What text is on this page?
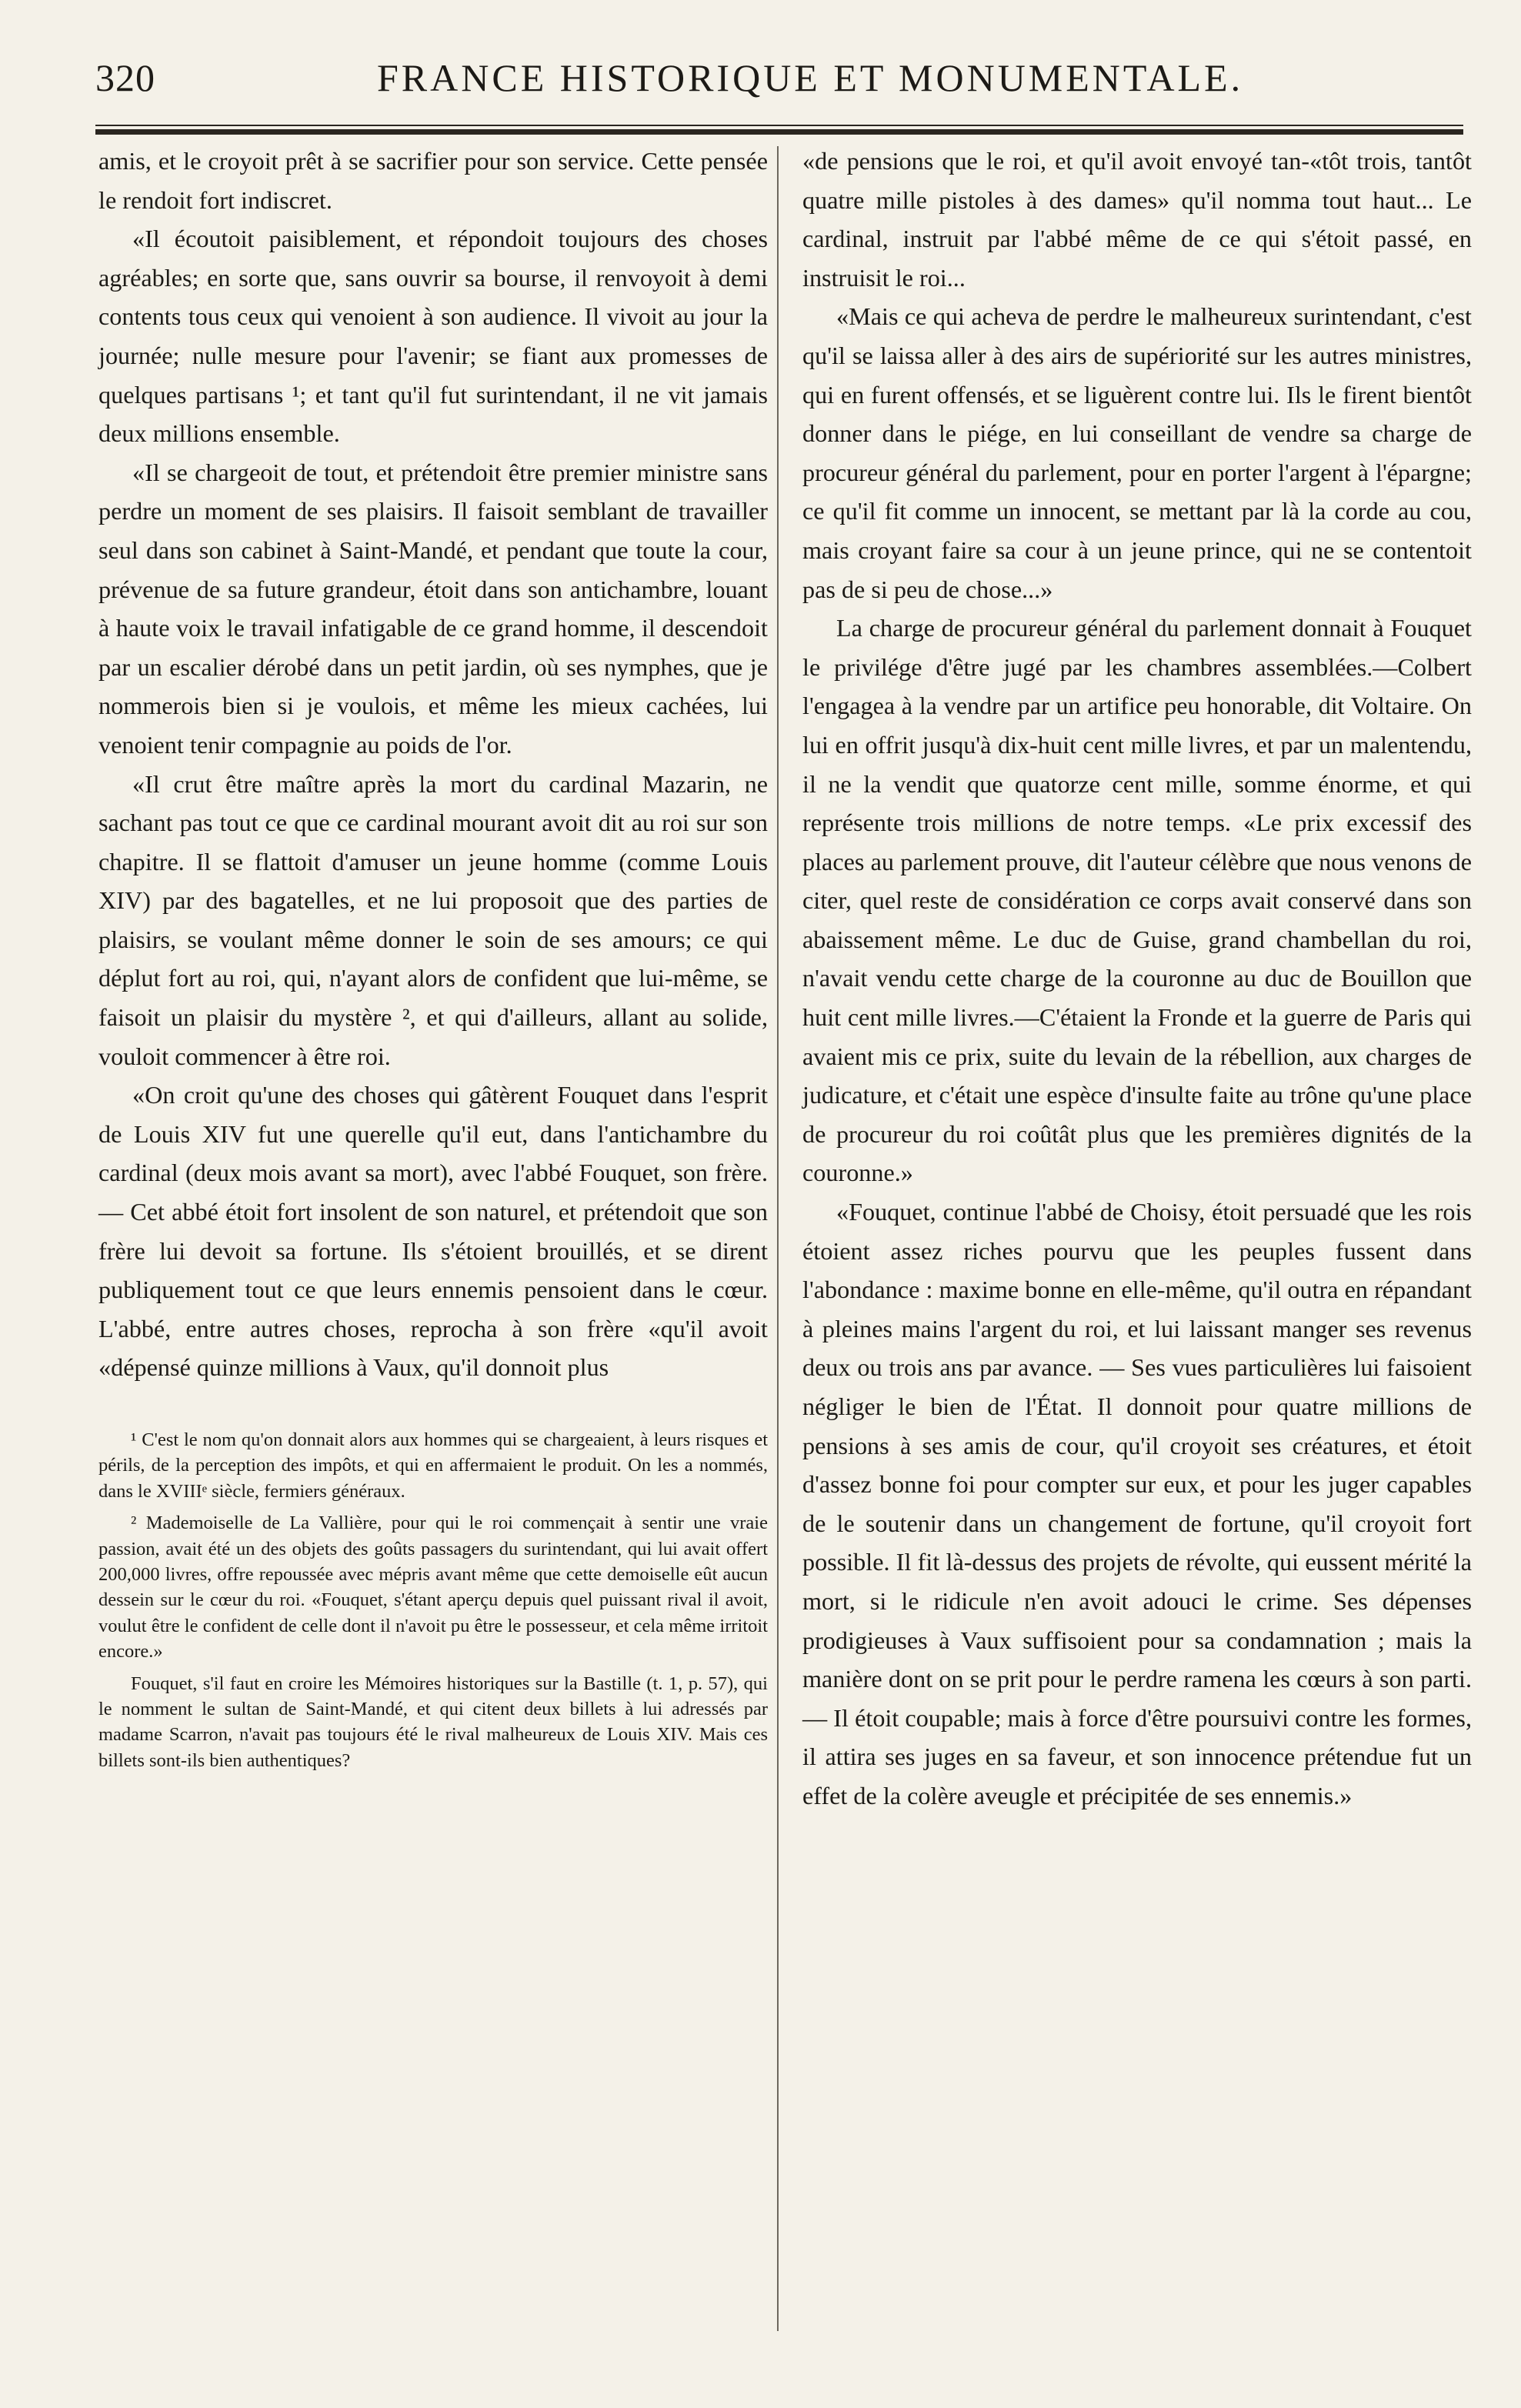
320	FRANCE HISTORIQUE ET MONUMENTALE.

amis, et le croyoit prêt à se sacrifier pour son service. Cette pensée le rendoit fort indiscret.

«Il écoutoit paisiblement, et répondoit toujours des choses agréables; en sorte que, sans ouvrir sa bourse, il renvoyoit à demi contents tous ceux qui venoient à son audience. Il vivoit au jour la journée; nulle mesure pour l'avenir; se fiant aux promesses de quelques partisans ¹; et tant qu'il fut surintendant, il ne vit jamais deux millions ensemble.

«Il se chargeoit de tout, et prétendoit être premier ministre sans perdre un moment de ses plaisirs. Il faisoit semblant de travailler seul dans son cabinet à Saint-Mandé, et pendant que toute la cour, prévenue de sa future grandeur, étoit dans son antichambre, louant à haute voix le travail infatigable de ce grand homme, il descendoit par un escalier dérobé dans un petit jardin, où ses nymphes, que je nommerois bien si je voulois, et même les mieux cachées, lui venoient tenir compagnie au poids de l'or.

«Il crut être maître après la mort du cardinal Mazarin, ne sachant pas tout ce que ce cardinal mourant avoit dit au roi sur son chapitre. Il se flattoit d'amuser un jeune homme (comme Louis XIV) par des bagatelles, et ne lui proposoit que des parties de plaisirs, se voulant même donner le soin de ses amours; ce qui déplut fort au roi, qui, n'ayant alors de confident que lui-même, se faisoit un plaisir du mystère ², et qui d'ailleurs, allant au solide, vouloit commencer à être roi.

«On croit qu'une des choses qui gâtèrent Fouquet dans l'esprit de Louis XIV fut une querelle qu'il eut, dans l'antichambre du cardinal (deux mois avant sa mort), avec l'abbé Fouquet, son frère. — Cet abbé étoit fort insolent de son naturel, et prétendoit que son frère lui devoit sa fortune. Ils s'étoient brouillés, et se dirent publiquement tout ce que leurs ennemis pensoient dans le cœur. L'abbé, entre autres choses, reprocha à son frère «qu'il avoit «dépensé quinze millions à Vaux, qu'il donnoit plus

¹ C'est le nom qu'on donnait alors aux hommes qui se chargeaient, à leurs risques et périls, de la perception des impôts, et qui en affermaient le produit. On les a nommés, dans le XVIIIᵉ siècle, fermiers généraux.

² Mademoiselle de La Vallière, pour qui le roi commençait à sentir une vraie passion, avait été un des objets des goûts passagers du surintendant, qui lui avait offert 200,000 livres, offre repoussée avec mépris avant même que cette demoiselle eût aucun dessein sur le cœur du roi. «Fouquet, s'étant aperçu depuis quel puissant rival il avoit, voulut être le confident de celle dont il n'avoit pu être le possesseur, et cela même irritoit encore.»

Fouquet, s'il faut en croire les Mémoires historiques sur la Bastille (t. 1, p. 57), qui le nomment le sultan de Saint-Mandé, et qui citent deux billets à lui adressés par madame Scarron, n'avait pas toujours été le rival malheureux de Louis XIV. Mais ces billets sont-ils bien authentiques?

«de pensions que le roi, et qu'il avoit envoyé tan-«tôt trois, tantôt quatre mille pistoles à des dames» qu'il nomma tout haut... Le cardinal, instruit par l'abbé même de ce qui s'étoit passé, en instruisit le roi...

«Mais ce qui acheva de perdre le malheureux surintendant, c'est qu'il se laissa aller à des airs de supériorité sur les autres ministres, qui en furent offensés, et se liguèrent contre lui. Ils le firent bientôt donner dans le piége, en lui conseillant de vendre sa charge de procureur général du parlement, pour en porter l'argent à l'épargne; ce qu'il fit comme un innocent, se mettant par là la corde au cou, mais croyant faire sa cour à un jeune prince, qui ne se contentoit pas de si peu de chose...»

La charge de procureur général du parlement donnait à Fouquet le privilége d'être jugé par les chambres assemblées.—Colbert l'engagea à la vendre par un artifice peu honorable, dit Voltaire. On lui en offrit jusqu'à dix-huit cent mille livres, et par un malentendu, il ne la vendit que quatorze cent mille, somme énorme, et qui représente trois millions de notre temps. «Le prix excessif des places au parlement prouve, dit l'auteur célèbre que nous venons de citer, quel reste de considération ce corps avait conservé dans son abaissement même. Le duc de Guise, grand chambellan du roi, n'avait vendu cette charge de la couronne au duc de Bouillon que huit cent mille livres.—C'étaient la Fronde et la guerre de Paris qui avaient mis ce prix, suite du levain de la rébellion, aux charges de judicature, et c'était une espèce d'insulte faite au trône qu'une place de procureur du roi coûtât plus que les premières dignités de la couronne.»

«Fouquet, continue l'abbé de Choisy, étoit persuadé que les rois étoient assez riches pourvu que les peuples fussent dans l'abondance : maxime bonne en elle-même, qu'il outra en répandant à pleines mains l'argent du roi, et lui laissant manger ses revenus deux ou trois ans par avance. — Ses vues particulières lui faisoient négliger le bien de l'État. Il donnoit pour quatre millions de pensions à ses amis de cour, qu'il croyoit ses créatures, et étoit d'assez bonne foi pour compter sur eux, et pour les juger capables de le soutenir dans un changement de fortune, qu'il croyoit fort possible. Il fit là-dessus des projets de révolte, qui eussent mérité la mort, si le ridicule n'en avoit adouci le crime. Ses dépenses prodigieuses à Vaux suffisoient pour sa condamnation ; mais la manière dont on se prit pour le perdre ramena les cœurs à son parti. — Il étoit coupable; mais à force d'être poursuivi contre les formes, il attira ses juges en sa faveur, et son innocence prétendue fut un effet de la colère aveugle et précipitée de ses ennemis.»
